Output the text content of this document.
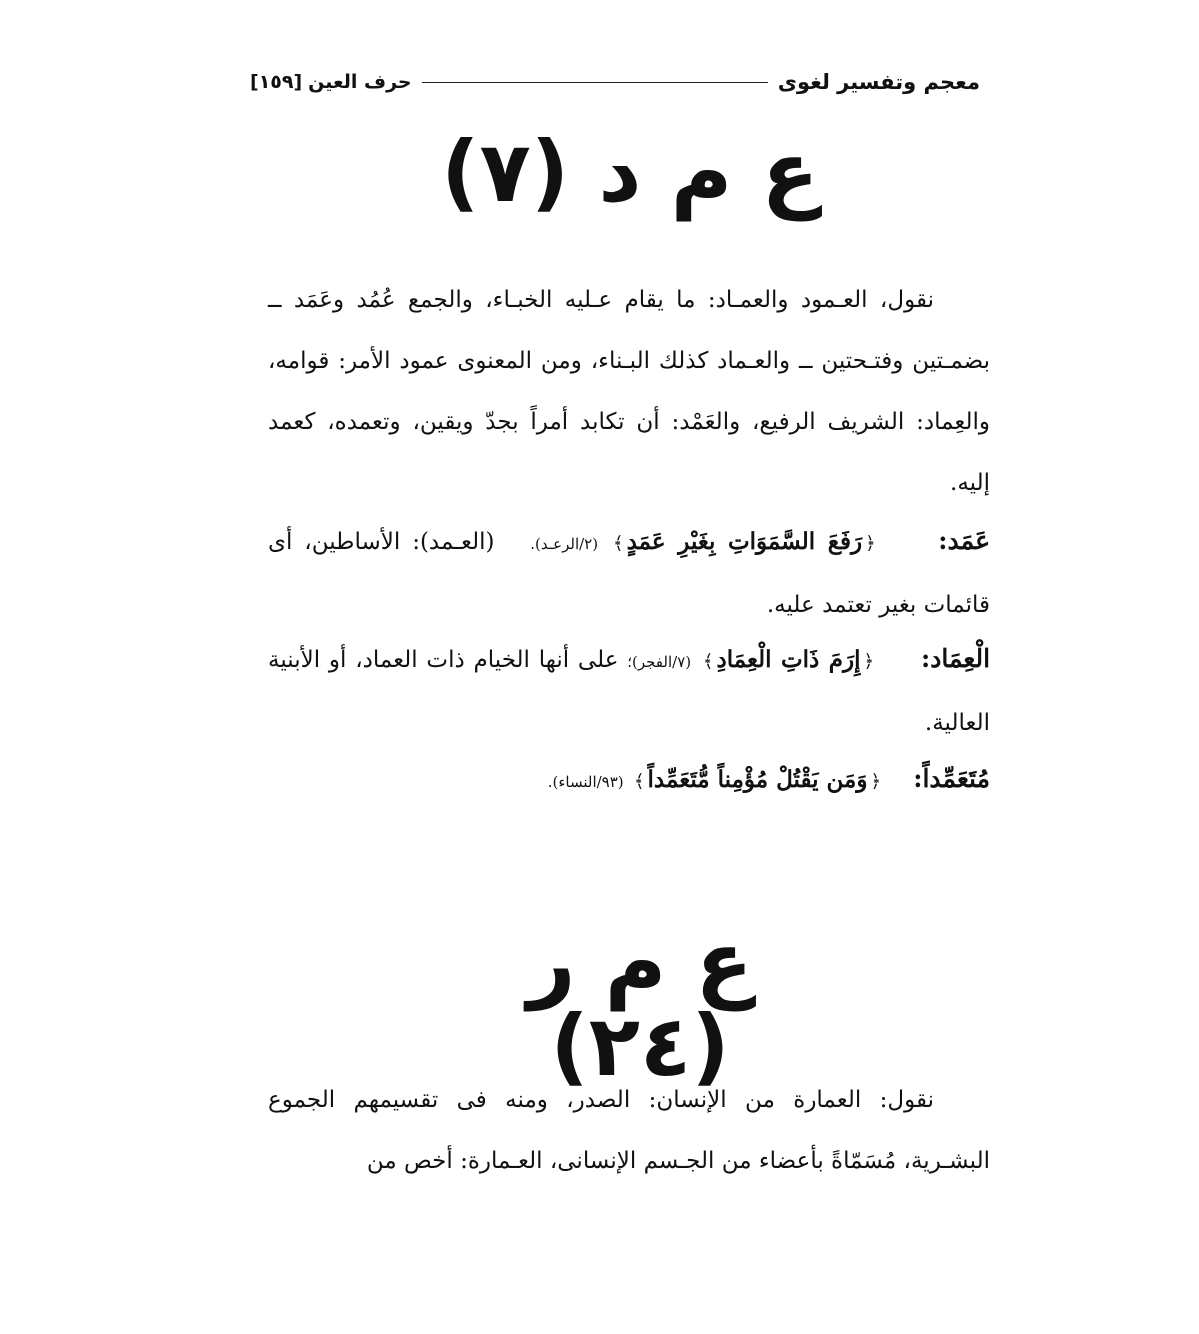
معجم وتفسير لغوى
حرف العين
[١٥٩]
ع م د (٧)

نقول، العـمود والعمـاد: ما يقام عـليه الخبـاء، والجمع عُمُد وعَمَد ــ بضمـتين وفتـحتين ــ والعـماد كذلك البـناء، ومن المعنوى عمود الأمر: قوامه، والعِماد: الشريف الرفيع، والعَمْد: أن تكابد أمراً بجدّ ويقين، وتعمده، كعمد إليه.

عَمَد:     ﴿رَفَعَ السَّمَوَاتِ بِغَيْرِ عَمَدٍ﴾ (٢/الرعـد).   (العـمد): الأساطين، أى قائمات بغير تعتمد عليه.

الْعِمَاد:     ﴿إِرَمَ ذَاتِ الْعِمَادِ﴾ (٧/الفجر)؛ على أنها الخيام ذات العماد، أو الأبنية العالية.

مُتَعَمِّداً:    ﴿وَمَن يَقْتُلْ مُؤْمِناً مُّتَعَمِّداً﴾ (٩٣/النساء).

ع م ر (٢٤)

نقول: العمارة من الإنسان: الصدر، ومنه فى تقسيمهم الجموع البشـرية، مُسَمّاةً بأعضاء من الجـسم الإنسانى، العـمارة: أخص من
